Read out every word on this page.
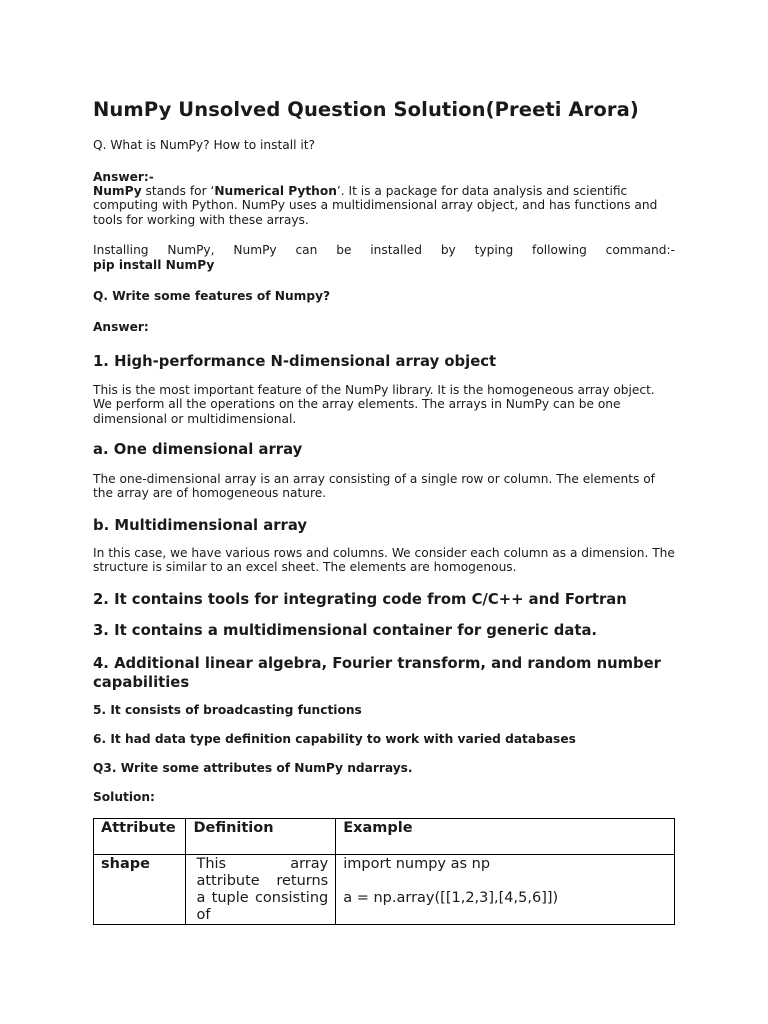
NumPy Unsolved Question Solution(Preeti Arora)

Q. What is NumPy? How to install it?

Answer:-

NumPy stands for ‘Numerical Python’. It is a package for data analysis and scientific computing with Python. NumPy uses a multidimensional array object, and has functions and tools for working with these arrays.

Installing NumPy, NumPy can be installed by typing following command:-

pip install NumPy

Q. Write some features of Numpy?

Answer:

1. High-performance N-dimensional array object

This is the most important feature of the NumPy library. It is the homogeneous array object. We perform all the operations on the array elements. The arrays in NumPy can be one dimensional or multidimensional.

a. One dimensional array

The one-dimensional array is an array consisting of a single row or column. The elements of the array are of homogeneous nature.

b. Multidimensional array

In this case, we have various rows and columns. We consider each column as a dimension. The structure is similar to an excel sheet. The elements are homogenous.

2. It contains tools for integrating code from C/C++ and Fortran
3. It contains a multidimensional container for generic data.
4. Additional linear algebra, Fourier transform, and random number capabilities

5. It consists of broadcasting functions

6. It had data type definition capability to work with varied databases

Q3. Write some attributes of NumPy ndarrays.

Solution:

Attribute	Definition	Example
shape	This array attribute returns a tuple consisting of	import numpy as np
a = np.array([[1,2,3],[4,5,6]])
